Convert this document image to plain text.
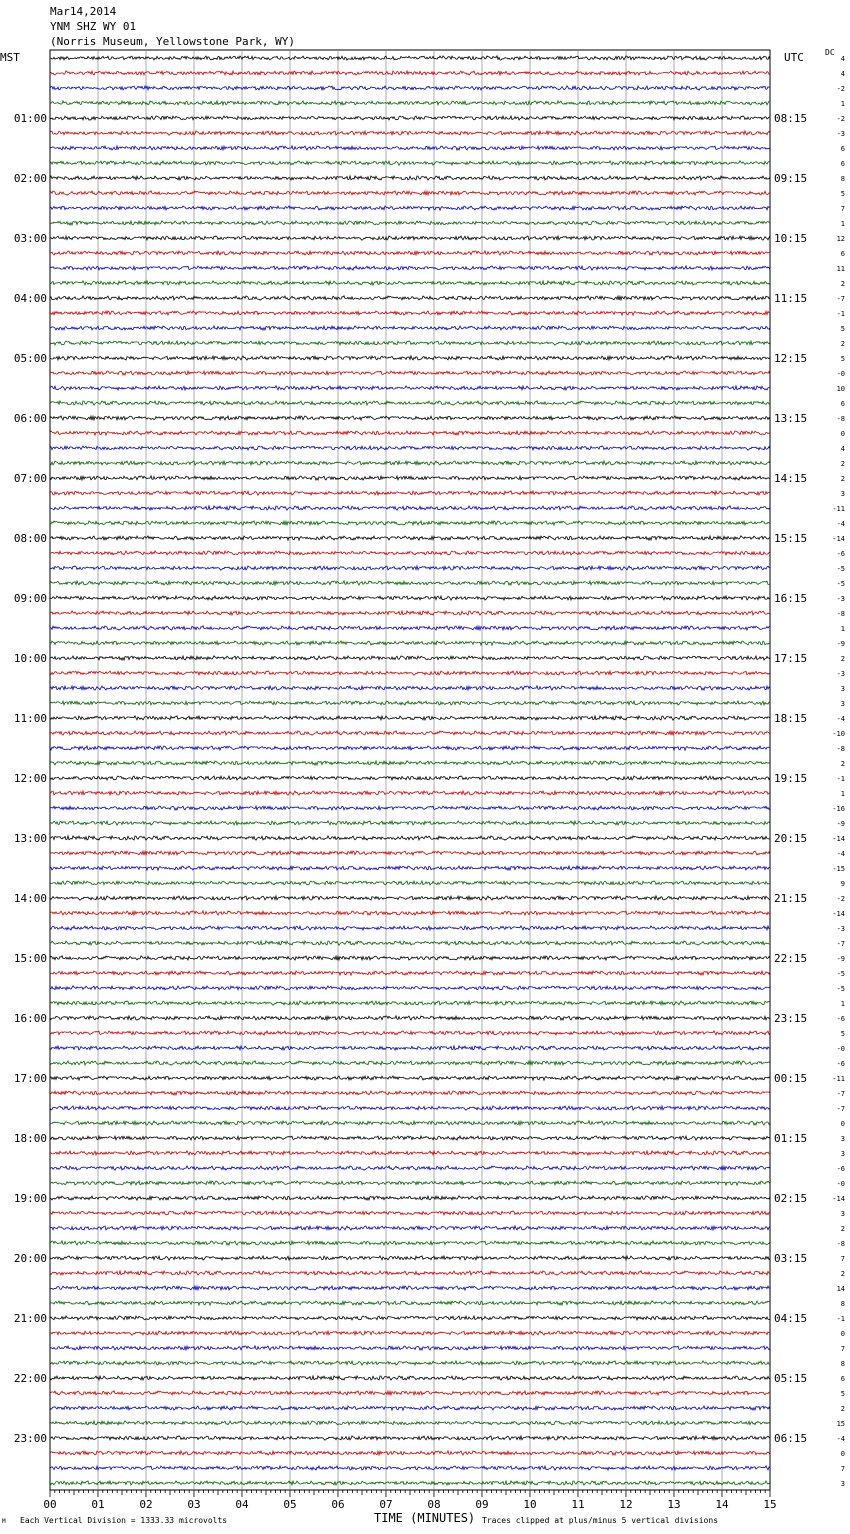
Mar14,2014
YNM SHZ WY 01
(Norris Museum, Yellowstone Park, WY)
MST	UTC	DC
4
4
-2
1
-2
-3
6
6
8
5
7
1
12
6
11
2
-7
-1
5
2
5
-0
10
6
-8
0
4
2
2
3
-11
-4
-14
-6
-5
-5
-3
-8
1
-9
2
-3
3
3
-4
-10
-8
2
-1
1
-16
-9
-14
-4
-15
9
-2
-14
-3
-7
-9
-5
-5
1
-6
5
-0
-6
-11
-7
-7
0
3
3
-6
-0
-14
3
2
-8
7
2
14
8
-1
0
7
8
6
5
2
15
-4
0
7
3
01:00
02:00
03:00
04:00
05:00
06:00
07:00
08:00
09:00
10:00
11:00
12:00
13:00
14:00
15:00
16:00
17:00
18:00
19:00
20:00
21:00
22:00
23:00
08:15
09:15
10:15
11:15
12:15
13:15
14:15
15:15
16:15
17:15
18:15
19:15
20:15
21:15
22:15
23:15
00:15
01:15
02:15
03:15
04:15
05:15
06:15
00	01	02	03	04	05	06	07	08	09	10	11	12	13	14	15
M Each Vertical Division = 1333.33 microvolts	TIME (MINUTES) Traces clipped at plus/minus 5 vertical divisions
